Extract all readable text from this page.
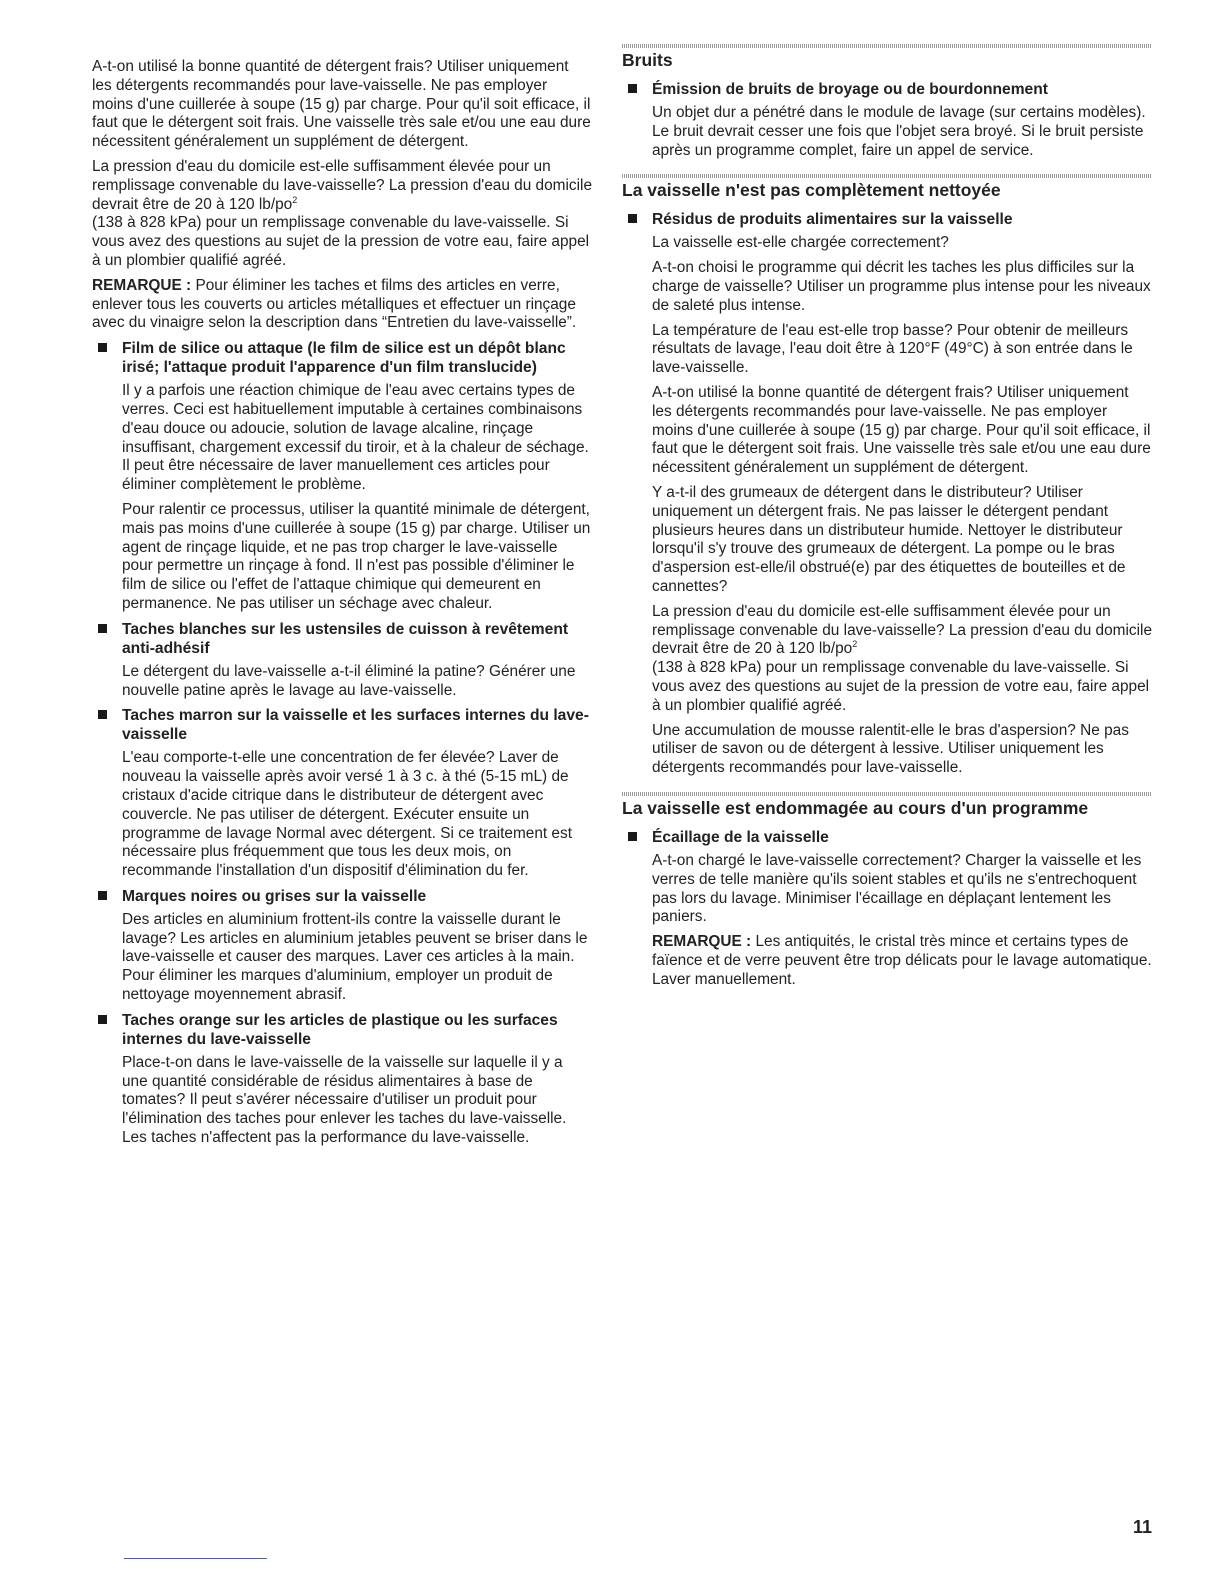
A-t-on utilisé la bonne quantité de détergent frais? Utiliser uniquement les détergents recommandés pour lave-vaisselle. Ne pas employer moins d'une cuillerée à soupe (15 g) par charge. Pour qu'il soit efficace, il faut que le détergent soit frais. Une vaisselle très sale et/ou une eau dure nécessitent généralement un supplément de détergent.

La pression d'eau du domicile est-elle suffisamment élevée pour un remplissage convenable du lave-vaisselle? La pression d'eau du domicile devrait être de 20 à 120 $lb/po^2$
(138 à 828 kPa) pour un remplissage convenable du lave-vaisselle. Si vous avez des questions au sujet de la pression de votre eau, faire appel à un plombier qualifié agréé.

REMARQUE : Pour éliminer les taches et films des articles en verre, enlever tous les couverts ou articles métalliques et effectuer un rinçage avec du vinaigre selon la description dans “Entretien du lave-vaisselle”.

Film de silice ou attaque (le film de silice est un dépôt blanc irisé; l'attaque produit l'apparence d'un film translucide)

Il y a parfois une réaction chimique de l'eau avec certains types de verres. Ceci est habituellement imputable à certaines combinaisons d'eau douce ou adoucie, solution de lavage alcaline, rinçage insuffisant, chargement excessif du tiroir, et à la chaleur de séchage. Il peut être nécessaire de laver manuellement ces articles pour éliminer complètement le problème.

Pour ralentir ce processus, utiliser la quantité minimale de détergent, mais pas moins d'une cuillerée à soupe (15 g) par charge. Utiliser un agent de rinçage liquide, et ne pas trop charger le lave-vaisselle pour permettre un rinçage à fond. Il n'est pas possible d'éliminer le film de silice ou l'effet de l'attaque chimique qui demeurent en permanence. Ne pas utiliser un séchage avec chaleur.

Taches blanches sur les ustensiles de cuisson à revêtement anti-adhésif

Le détergent du lave-vaisselle a-t-il éliminé la patine? Générer une nouvelle patine après le lavage au lave-vaisselle.

Taches marron sur la vaisselle et les surfaces internes du lave-vaisselle

L'eau comporte-t-elle une concentration de fer élevée? Laver de nouveau la vaisselle après avoir versé 1 à 3 c. à thé (5-15 mL) de cristaux d'acide citrique dans le distributeur de détergent avec couvercle. Ne pas utiliser de détergent. Exécuter ensuite un programme de lavage Normal avec détergent. Si ce traitement est nécessaire plus fréquemment que tous les deux mois, on recommande l'installation d'un dispositif d'élimination du fer.

Marques noires ou grises sur la vaisselle

Des articles en aluminium frottent-ils contre la vaisselle durant le lavage? Les articles en aluminium jetables peuvent se briser dans le lave-vaisselle et causer des marques. Laver ces articles à la main. Pour éliminer les marques d'aluminium, employer un produit de nettoyage moyennement abrasif.

Taches orange sur les articles de plastique ou les surfaces internes du lave-vaisselle

Place-t-on dans le lave-vaisselle de la vaisselle sur laquelle il y a une quantité considérable de résidus alimentaires à base de tomates? Il peut s'avérer nécessaire d'utiliser un produit pour l'élimination des taches pour enlever les taches du lave-vaisselle. Les taches n'affectent pas la performance du lave-vaisselle.

Bruits
Émission de bruits de broyage ou de bourdonnement

Un objet dur a pénétré dans le module de lavage (sur certains modèles). Le bruit devrait cesser une fois que l'objet sera broyé. Si le bruit persiste après un programme complet, faire un appel de service.

La vaisselle n'est pas complètement nettoyée
Résidus de produits alimentaires sur la vaisselle

La vaisselle est-elle chargée correctement?

A-t-on choisi le programme qui décrit les taches les plus difficiles sur la charge de vaisselle? Utiliser un programme plus intense pour les niveaux de saleté plus intense.

La température de l'eau est-elle trop basse? Pour obtenir de meilleurs résultats de lavage, l'eau doit être à 120°F (49°C) à son entrée dans le lave-vaisselle.

A-t-on utilisé la bonne quantité de détergent frais? Utiliser uniquement les détergents recommandés pour lave-vaisselle. Ne pas employer moins d'une cuillerée à soupe (15 g) par charge. Pour qu'il soit efficace, il faut que le détergent soit frais. Une vaisselle très sale et/ou une eau dure nécessitent généralement un supplément de détergent.

Y a-t-il des grumeaux de détergent dans le distributeur? Utiliser uniquement un détergent frais. Ne pas laisser le détergent pendant plusieurs heures dans un distributeur humide. Nettoyer le distributeur lorsqu'il s'y trouve des grumeaux de détergent. La pompe ou le bras d'aspersion est-elle/il obstrué(e) par des étiquettes de bouteilles et de cannettes?

La pression d'eau du domicile est-elle suffisamment élevée pour un remplissage convenable du lave-vaisselle? La pression d'eau du domicile devrait être de 20 à 120 $lb/po^2$
(138 à 828 kPa) pour un remplissage convenable du lave-vaisselle. Si vous avez des questions au sujet de la pression de votre eau, faire appel à un plombier qualifié agréé.

Une accumulation de mousse ralentit-elle le bras d'aspersion? Ne pas utiliser de savon ou de détergent à lessive. Utiliser uniquement les détergents recommandés pour lave-vaisselle.

La vaisselle est endommagée au cours d'un programme
Écaillage de la vaisselle

A-t-on chargé le lave-vaisselle correctement? Charger la vaisselle et les verres de telle manière qu'ils soient stables et qu'ils ne s'entrechoquent pas lors du lavage. Minimiser l'écaillage en déplaçant lentement les paniers.

REMARQUE : Les antiquités, le cristal très mince et certains types de faïence et de verre peuvent être trop délicats pour le lavage automatique. Laver manuellement.

11
